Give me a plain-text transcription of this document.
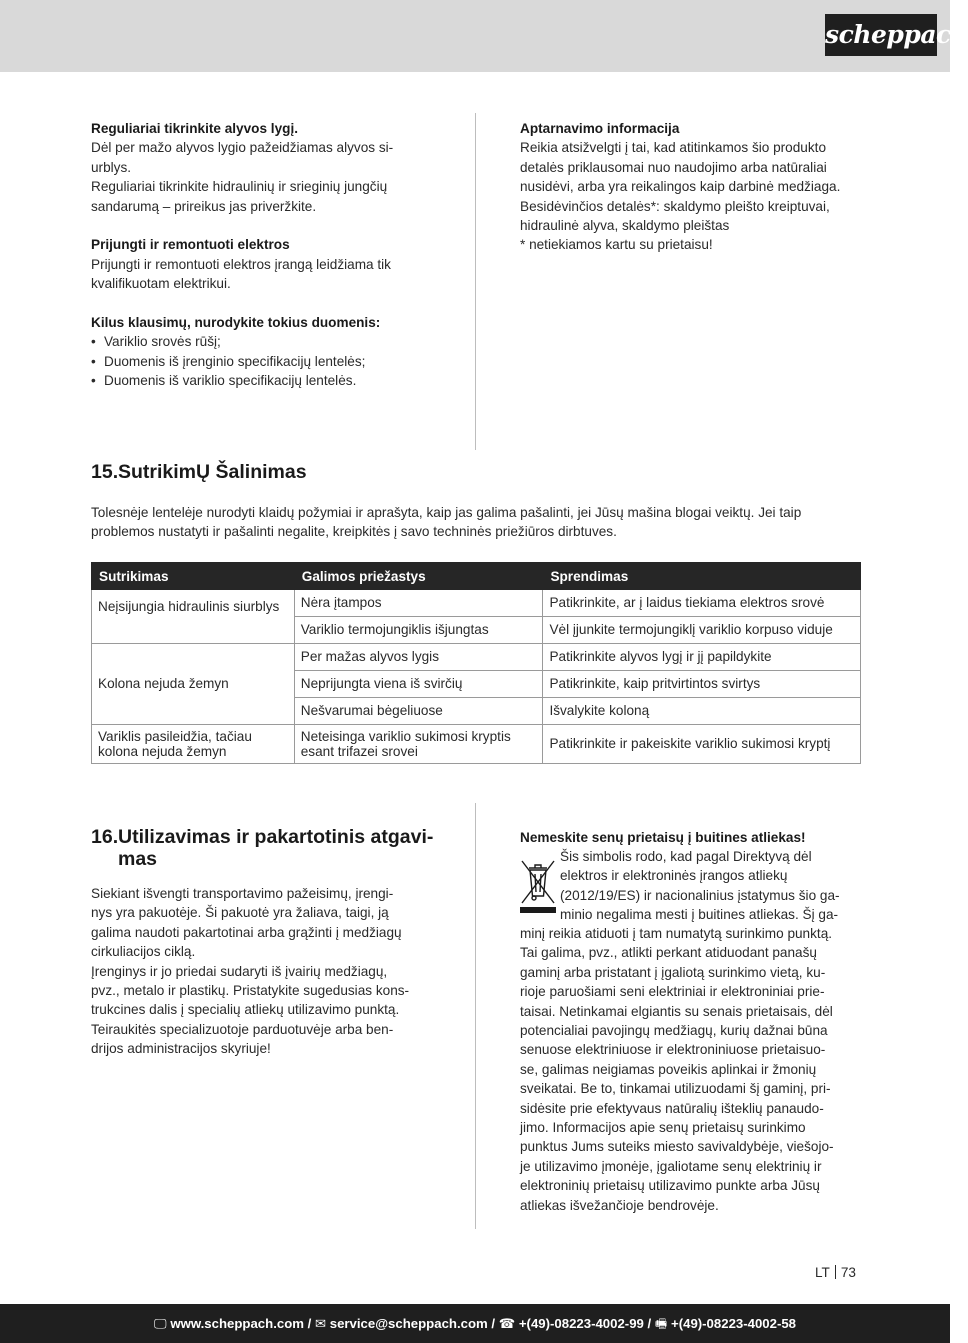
scheppach

Reguliariai tikrinkite alyvos lygį.

Dėl per mažo alyvos lygio pažeidžiamas alyvos si-

urblys.

Reguliariai tikrinkite hidraulinių ir srieginių jungčių

sandarumą – prireikus jas priveržkite.

Prijungti ir remontuoti elektros

Prijungti ir remontuoti elektros įrangą leidžiama tik

kvalifikuotam elektrikui.

Kilus klausimų, nurodykite tokius duomenis:

• Variklio srovės rūšį;
• Duomenis iš įrenginio specifikacijų lentelės;
• Duomenis iš variklio specifikacijų lentelės.

Aptarnavimo informacija

Reikia atsižvelgti į tai, kad atitinkamos šio produkto

detalės priklausomai nuo naudojimo arba natūraliai

nusidėvi, arba yra reikalingos kaip darbinė medžiaga.

Besidėvinčios detalės*: skaldymo pleišto kreiptuvai,

hidraulinė alyva, skaldymo pleištas

* netiekiamos kartu su prietaisu!

15.SutrikimŲ Šalinimas

Tolesnėje lentelėje nurodyti klaidų požymiai ir aprašyta, kaip jas galima pašalinti, jei Jūsų mašina blogai veiktų. Jei taip

problemos nustatyti ir pašalinti negalite, kreipkitės į savo techninės priežiūros dirbtuves.

Sutrikimas	Galimos priežastys	Sprendimas
Neįsijungia hidraulinis siurblys	Nėra įtampos	Patikrinkite, ar į laidus tiekiama elektros srovė
	Variklio termojungiklis išjungtas	Vėl įjunkite termojungiklį variklio korpuso viduje
Kolona nejuda žemyn	Per mažas alyvos lygis	Patikrinkite alyvos lygį ir jį papildykite
	Neprijungta viena iš svirčių	Patikrinkite, kaip pritvirtintos svirtys
	Nešvarumai bėgeliuose	Išvalykite koloną
Variklis pasileidžia, tačiau kolona nejuda žemyn	Neteisinga variklio sukimosi kryptis esant trifazei srovei	Patikrinkite ir pakeiskite variklio sukimosi kryptį
16.Utilizavimas ir pakartotinis atgavi-
mas

Siekiant išvengti transportavimo pažeisimų, įrengi-

nys yra pakuotėje. Ši pakuotė yra žaliava, taigi, ją

galima naudoti pakartotinai arba grąžinti į medžiagų

cirkuliacijos ciklą.

Įrenginys ir jo priedai sudaryti iš įvairių medžiagų,

pvz., metalo ir plastikų. Pristatykite sugedusias kons-

trukcines dalis į specialių atliekų utilizavimo punktą.

Teiraukitės specializuotoje parduotuvėje arba ben-

drijos administracijos skyriuje!

Nemeskite senų prietaisų į buitines atliekas!

Šis simbolis rodo, kad pagal Direktyvą dėl

elektros ir elektroninės įrangos atliekų

(2012/19/ES) ir nacionalinius įstatymus šio ga-

minio negalima mesti į buitines atliekas. Šį ga-

minį reikia atiduoti į tam numatytą surinkimo punktą.

Tai galima, pvz., atlikti perkant atiduodant panašų

gaminį arba pristatant į įgaliotą surinkimo vietą, ku-

rioje paruošiami seni elektriniai ir elektroniniai prie-

taisai. Netinkamai elgiantis su senais prietaisais, dėl

potencialiai pavojingų medžiagų, kurių dažnai būna

senuose elektriniuose ir elektroniniuose prietaisuo-

se, galimas neigiamas poveikis aplinkai ir žmonių

sveikatai. Be to, tinkamai utilizuodami šį gaminį, pri-

sidėsite prie efektyvaus natūralių išteklių panaudo-

jimo. Informacijos apie senų prietaisų surinkimo

punktus Jums suteiks miesto savivaldybėje, viešojo-

je utilizavimo įmonėje, įgaliotame senų elektrinių ir

elektroninių prietaisų utilizavimo punkte arba Jūsų

atliekas išvežančioje bendrovėje.

LT 73
🖵 www.scheppach.com / ✉ service@scheppach.com / ☎ +(49)-08223-4002-99 / 🖷 +(49)-08223-4002-58
